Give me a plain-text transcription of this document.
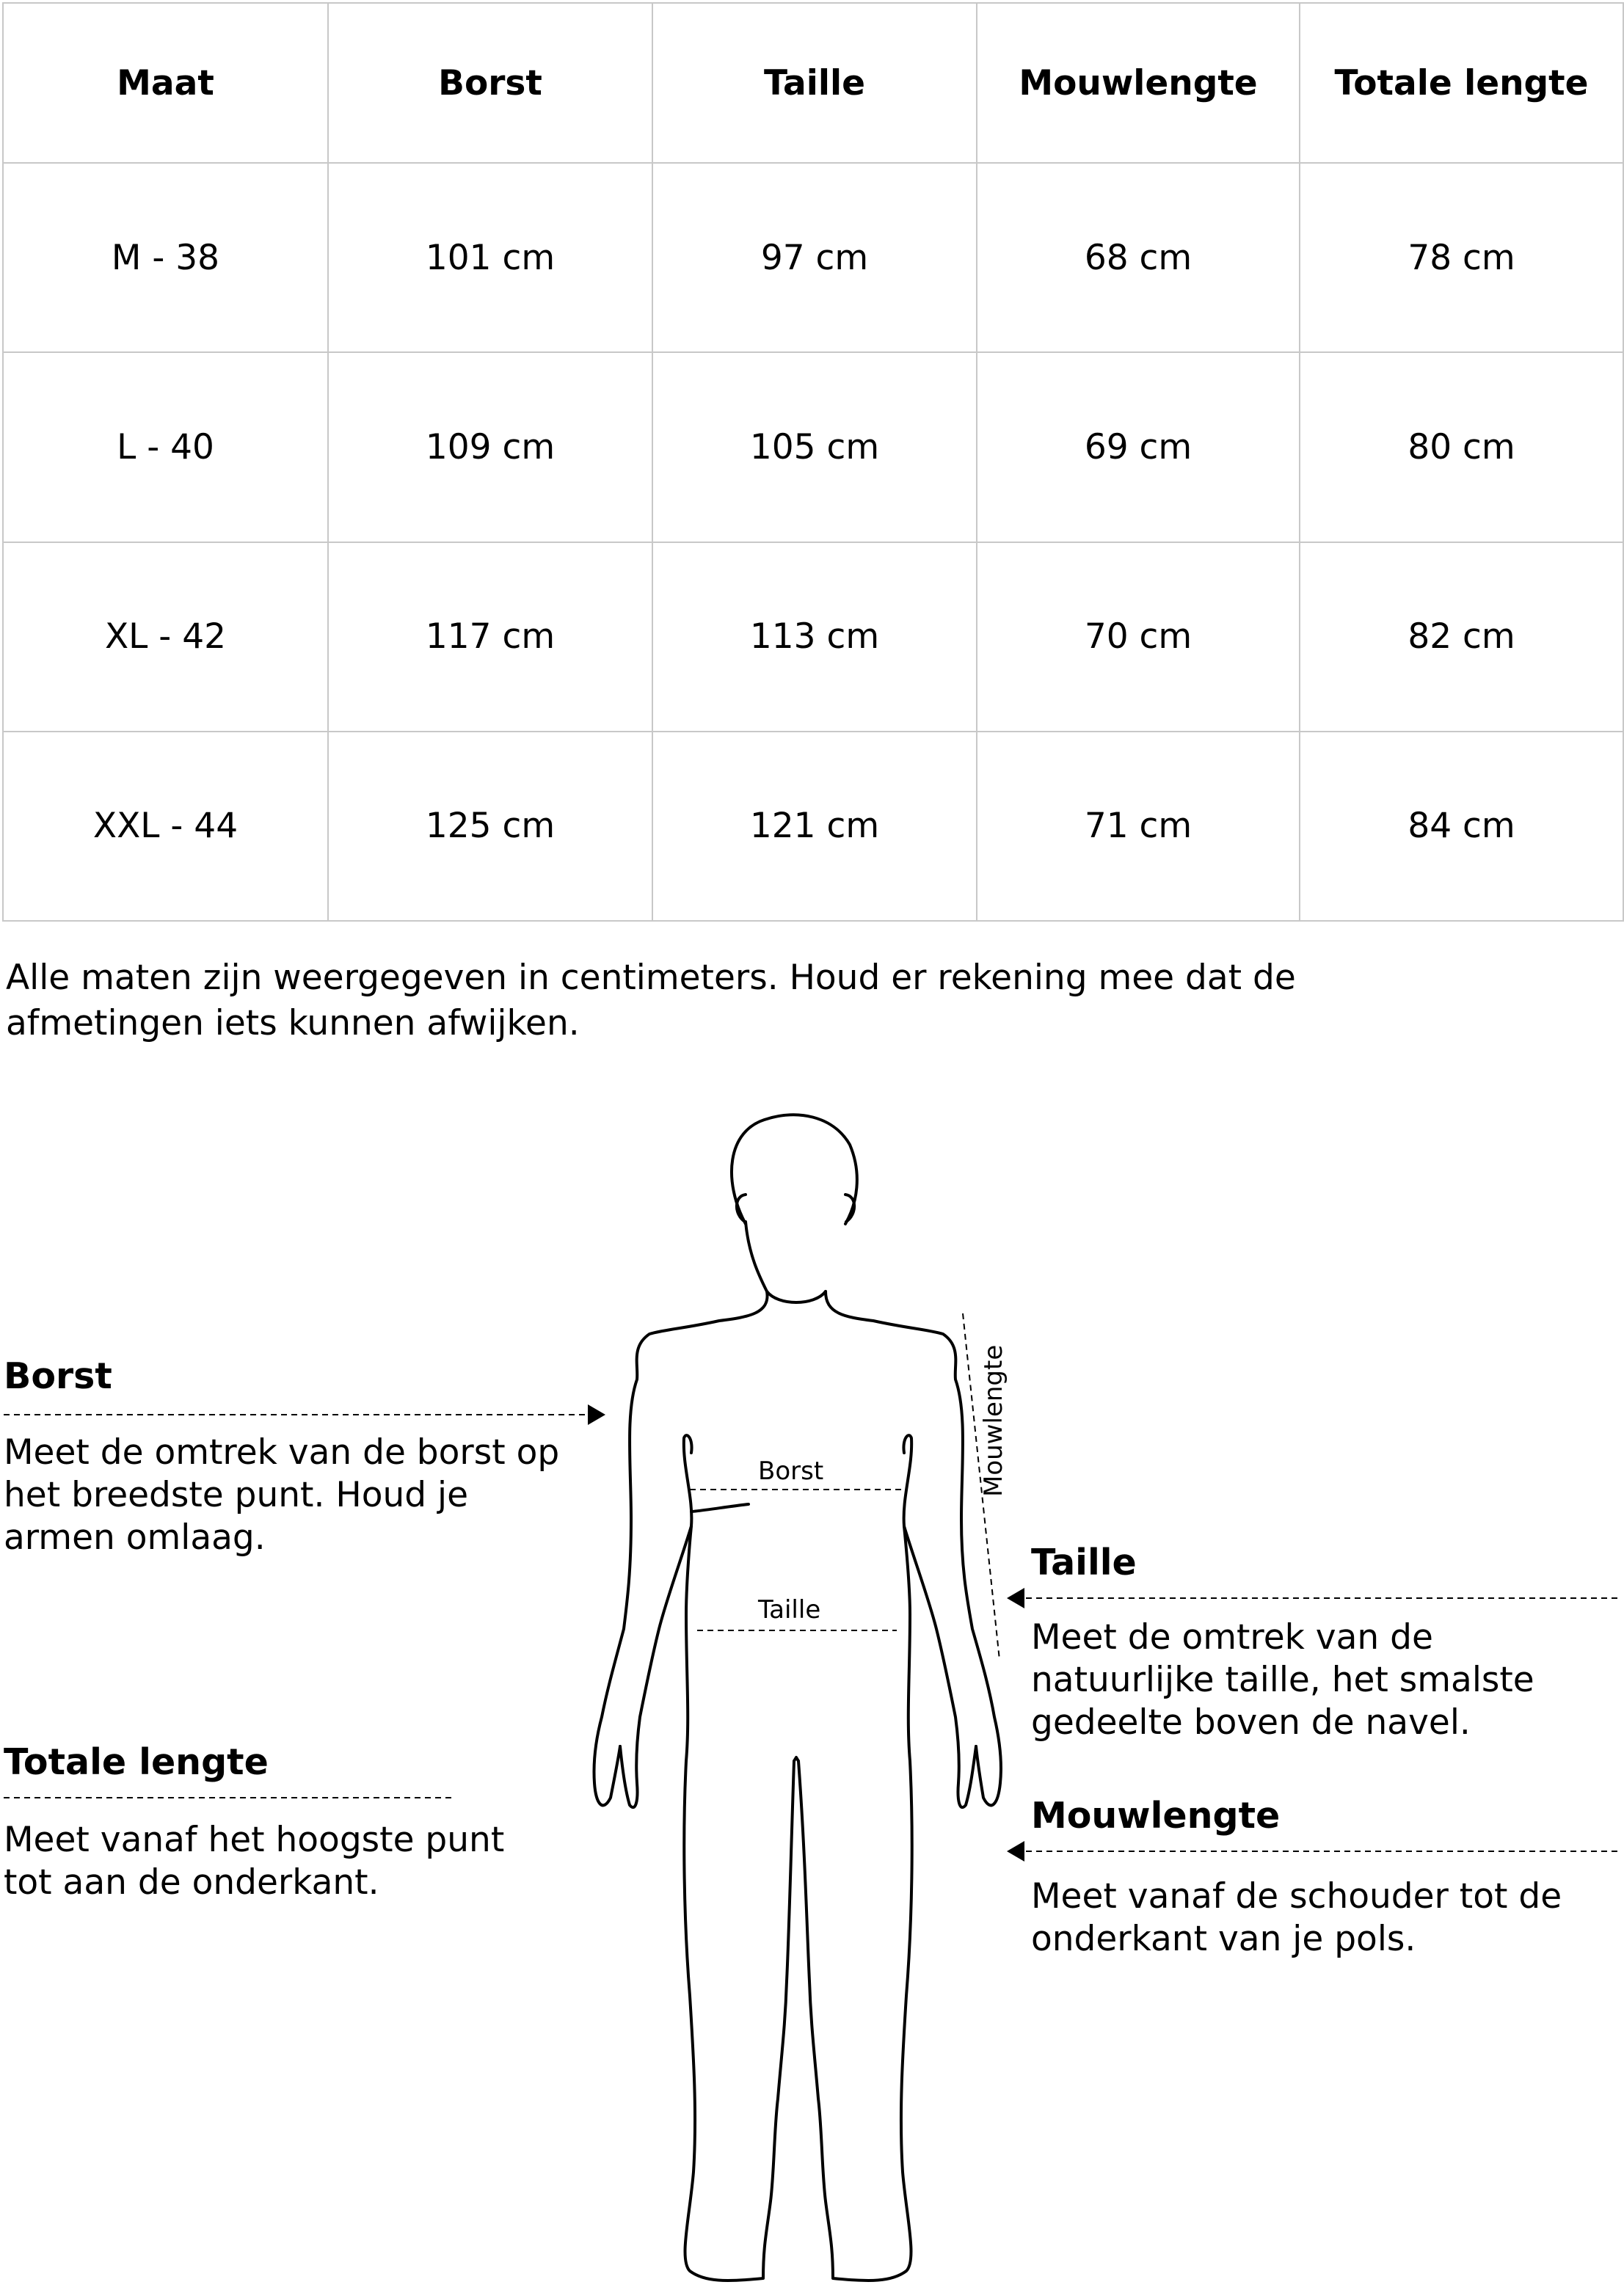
Maat	Borst	Taille	Mouwlengte	Totale lengte
M - 38	101 cm	97 cm	68 cm	78 cm
L - 40	109 cm	105 cm	69 cm	80 cm
XL - 42	117 cm	113 cm	70 cm	82 cm
XXL - 44	125 cm	121 cm	71 cm	84 cm

Alle maten zijn weergegeven in centimeters. Houd er rekening mee dat de afmetingen iets kunnen afwijken.

Borst
Taille
Mouwlengte
Borst

Meet de omtrek van de borst op het breedste punt. Houd je armen omlaag.

Totale lengte

Meet vanaf het hoogste punt tot aan de onderkant.

Taille

Meet de omtrek van de natuurlijke taille, het smalste gedeelte boven de navel.

Mouwlengte

Meet vanaf de schouder tot de onderkant van je pols.
